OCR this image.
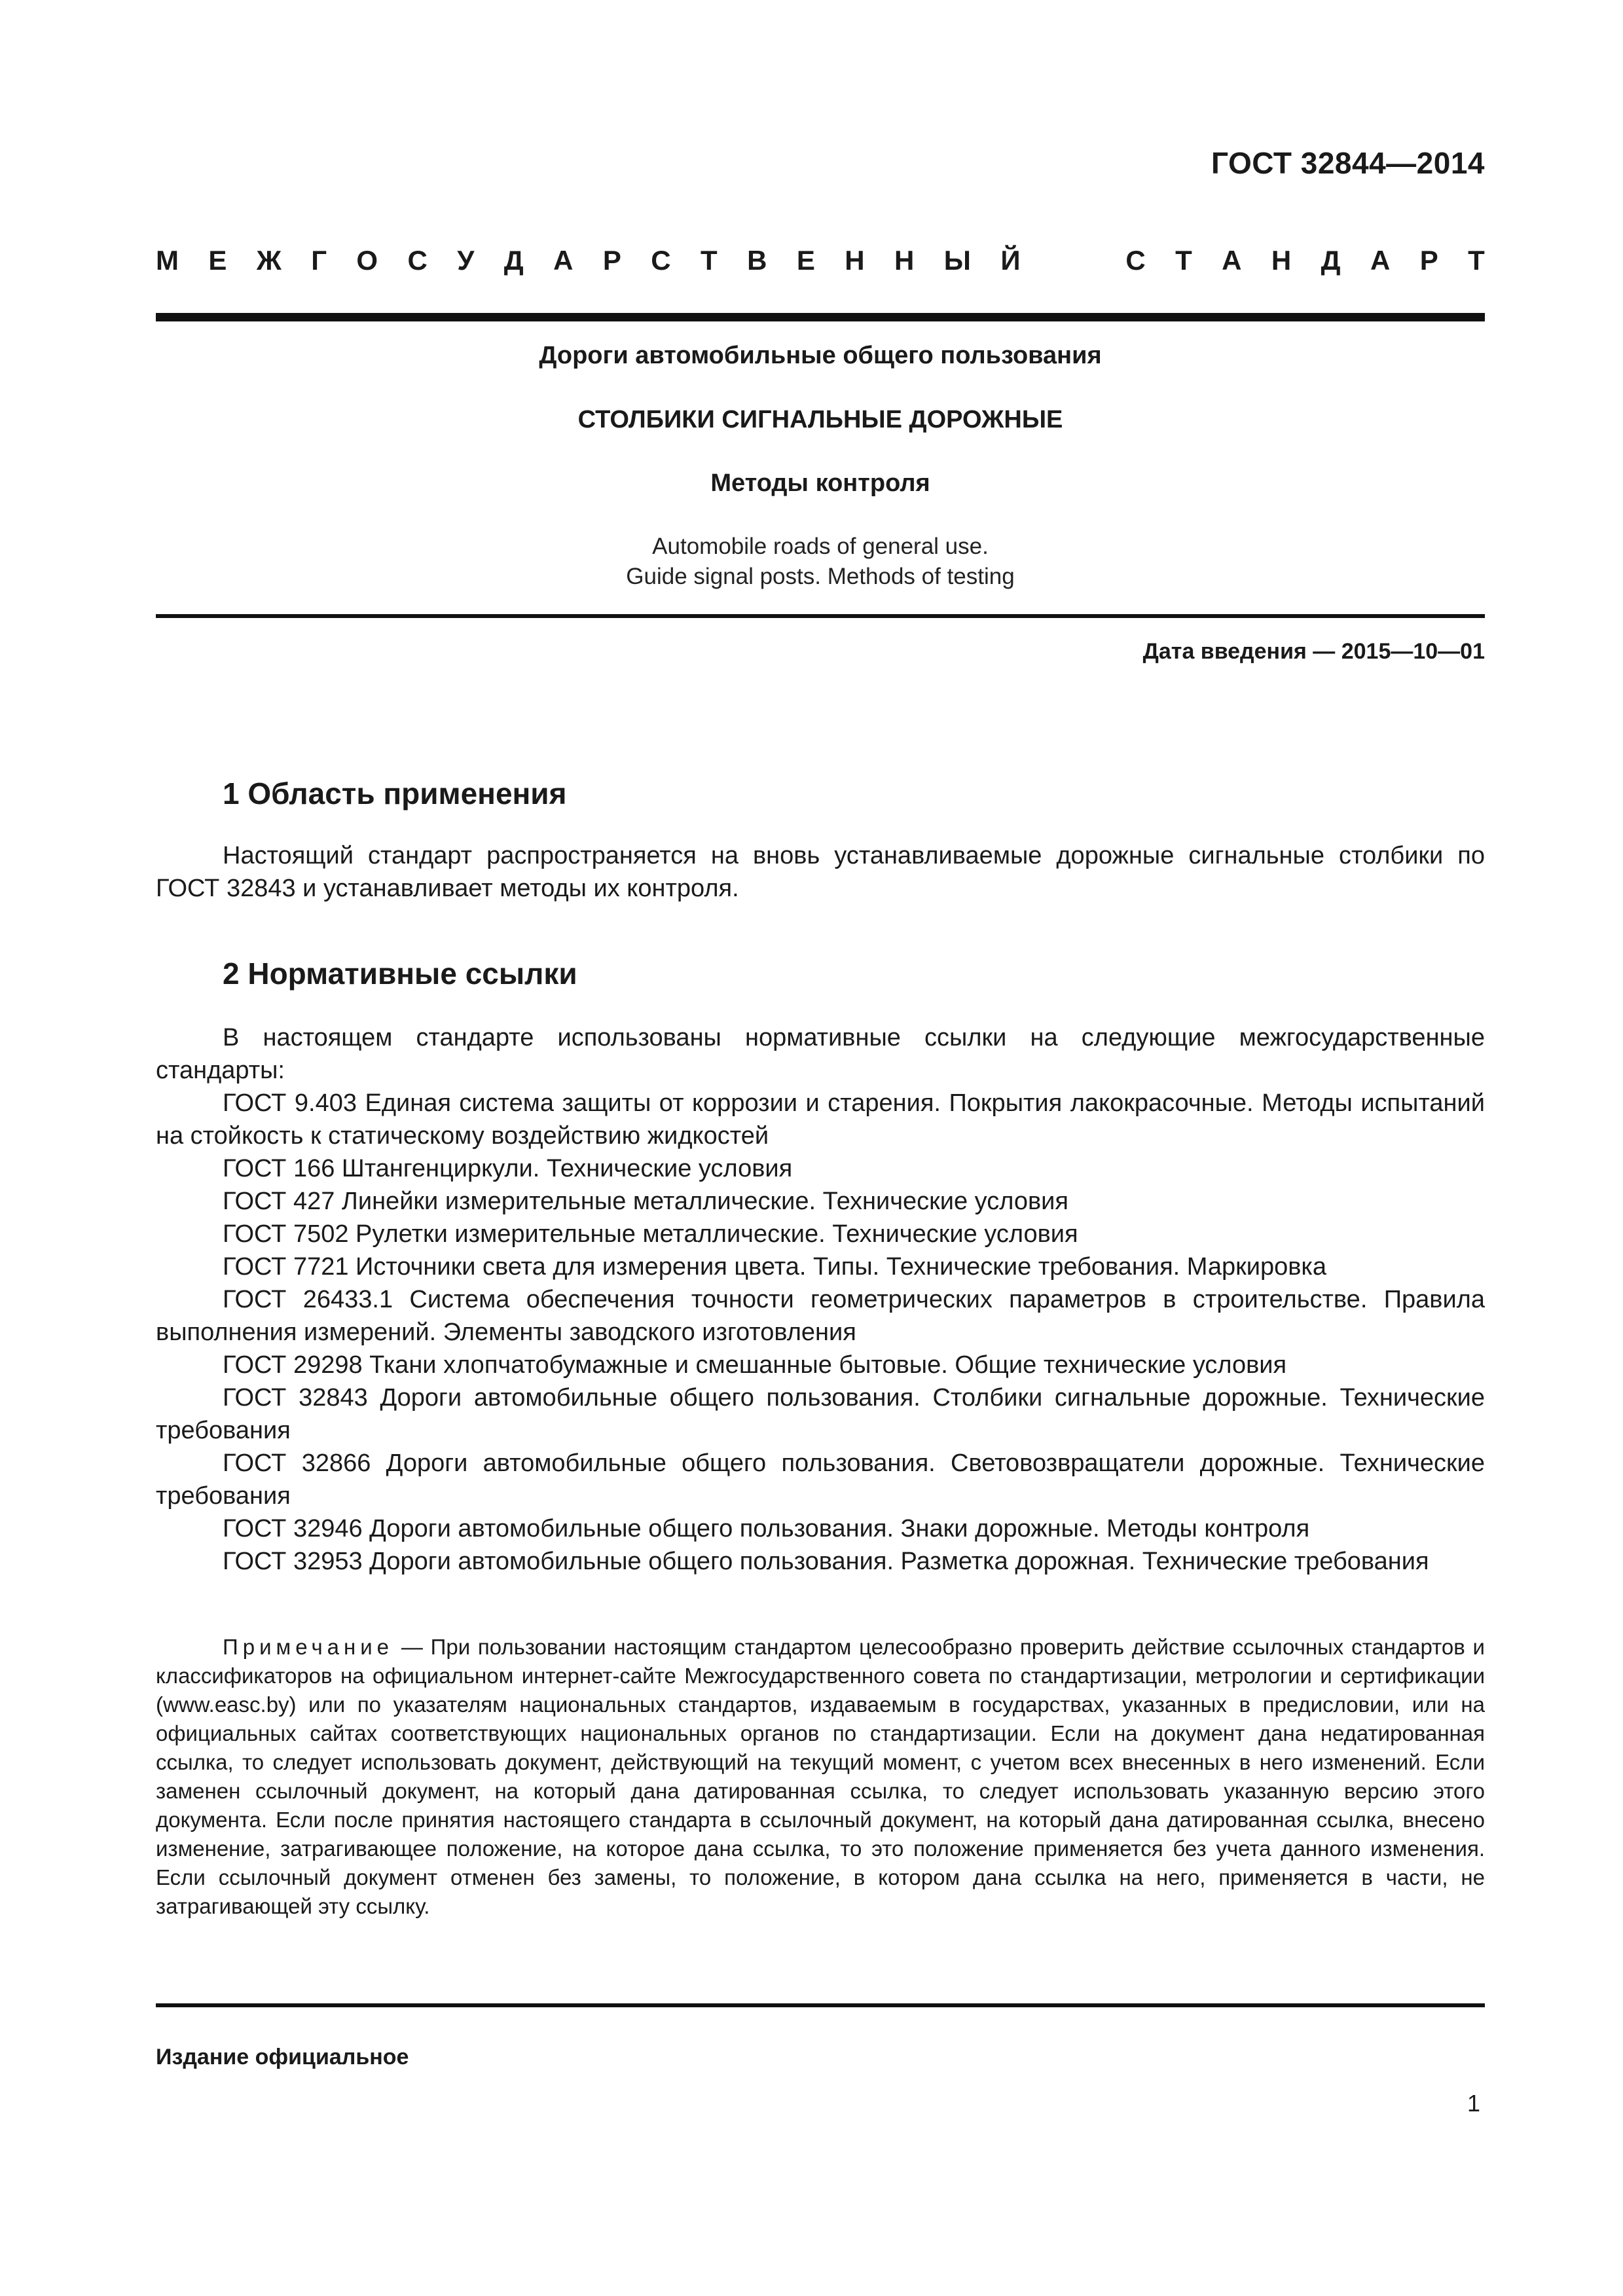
ГОСТ 32844—2014
М Е Ж Г О С У Д А Р С Т В Е Н Н Ы Й	С Т А Н Д А Р Т
Дороги автомобильные общего пользования
СТОЛБИКИ СИГНАЛЬНЫЕ ДОРОЖНЫЕ
Методы контроля
Automobile roads of general use.
Guide signal posts. Methods of testing
Дата введения — 2015—10—01
1 Область применения
Настоящий стандарт распространяется на вновь устанавливаемые дорожные сигнальные столбики по ГОСТ 32843 и устанавливает методы их контроля.
2 Нормативные ссылки
В настоящем стандарте использованы нормативные ссылки на следующие межгосударственные стандарты:
ГОСТ 9.403 Единая система защиты от коррозии и старения. Покрытия лакокрасочные. Методы испытаний на стойкость к статическому воздействию жидкостей
ГОСТ 166 Штангенциркули. Технические условия
ГОСТ 427 Линейки измерительные металлические. Технические условия
ГОСТ 7502 Рулетки измерительные металлические. Технические условия
ГОСТ 7721 Источники света для измерения цвета. Типы. Технические требования. Маркировка
ГОСТ 26433.1 Система обеспечения точности геометрических параметров в строительстве. Правила выполнения измерений. Элементы заводского изготовления
ГОСТ 29298 Ткани хлопчатобумажные и смешанные бытовые. Общие технические условия
ГОСТ 32843 Дороги автомобильные общего пользования. Столбики сигнальные дорожные. Технические требования
ГОСТ 32866 Дороги автомобильные общего пользования. Световозвращатели дорожные. Технические требования
ГОСТ 32946 Дороги автомобильные общего пользования. Знаки дорожные. Методы контроля
ГОСТ 32953 Дороги автомобильные общего пользования. Разметка дорожная. Технические требования
Примечание — При пользовании настоящим стандартом целесообразно проверить действие ссылочных стандартов и классификаторов на официальном интернет-сайте Межгосударственного совета по стандартизации, метрологии и сертификации (www.easc.by) или по указателям национальных стандартов, издаваемым в государствах, указанных в предисловии, или на официальных сайтах соответствующих национальных органов по стандартизации. Если на документ дана недатированная ссылка, то следует использовать документ, действующий на текущий момент, с учетом всех внесенных в него изменений. Если заменен ссылочный документ, на который дана датированная ссылка, то следует использовать указанную версию этого документа. Если после принятия настоящего стандарта в ссылочный документ, на который дана датированная ссылка, внесено изменение, затрагивающее положение, на которое дана ссылка, то это положение применяется без учета данного изменения. Если ссылочный документ отменен без замены, то положение, в котором дана ссылка на него, применяется в части, не затрагивающей эту ссылку.
Издание официальное
1
